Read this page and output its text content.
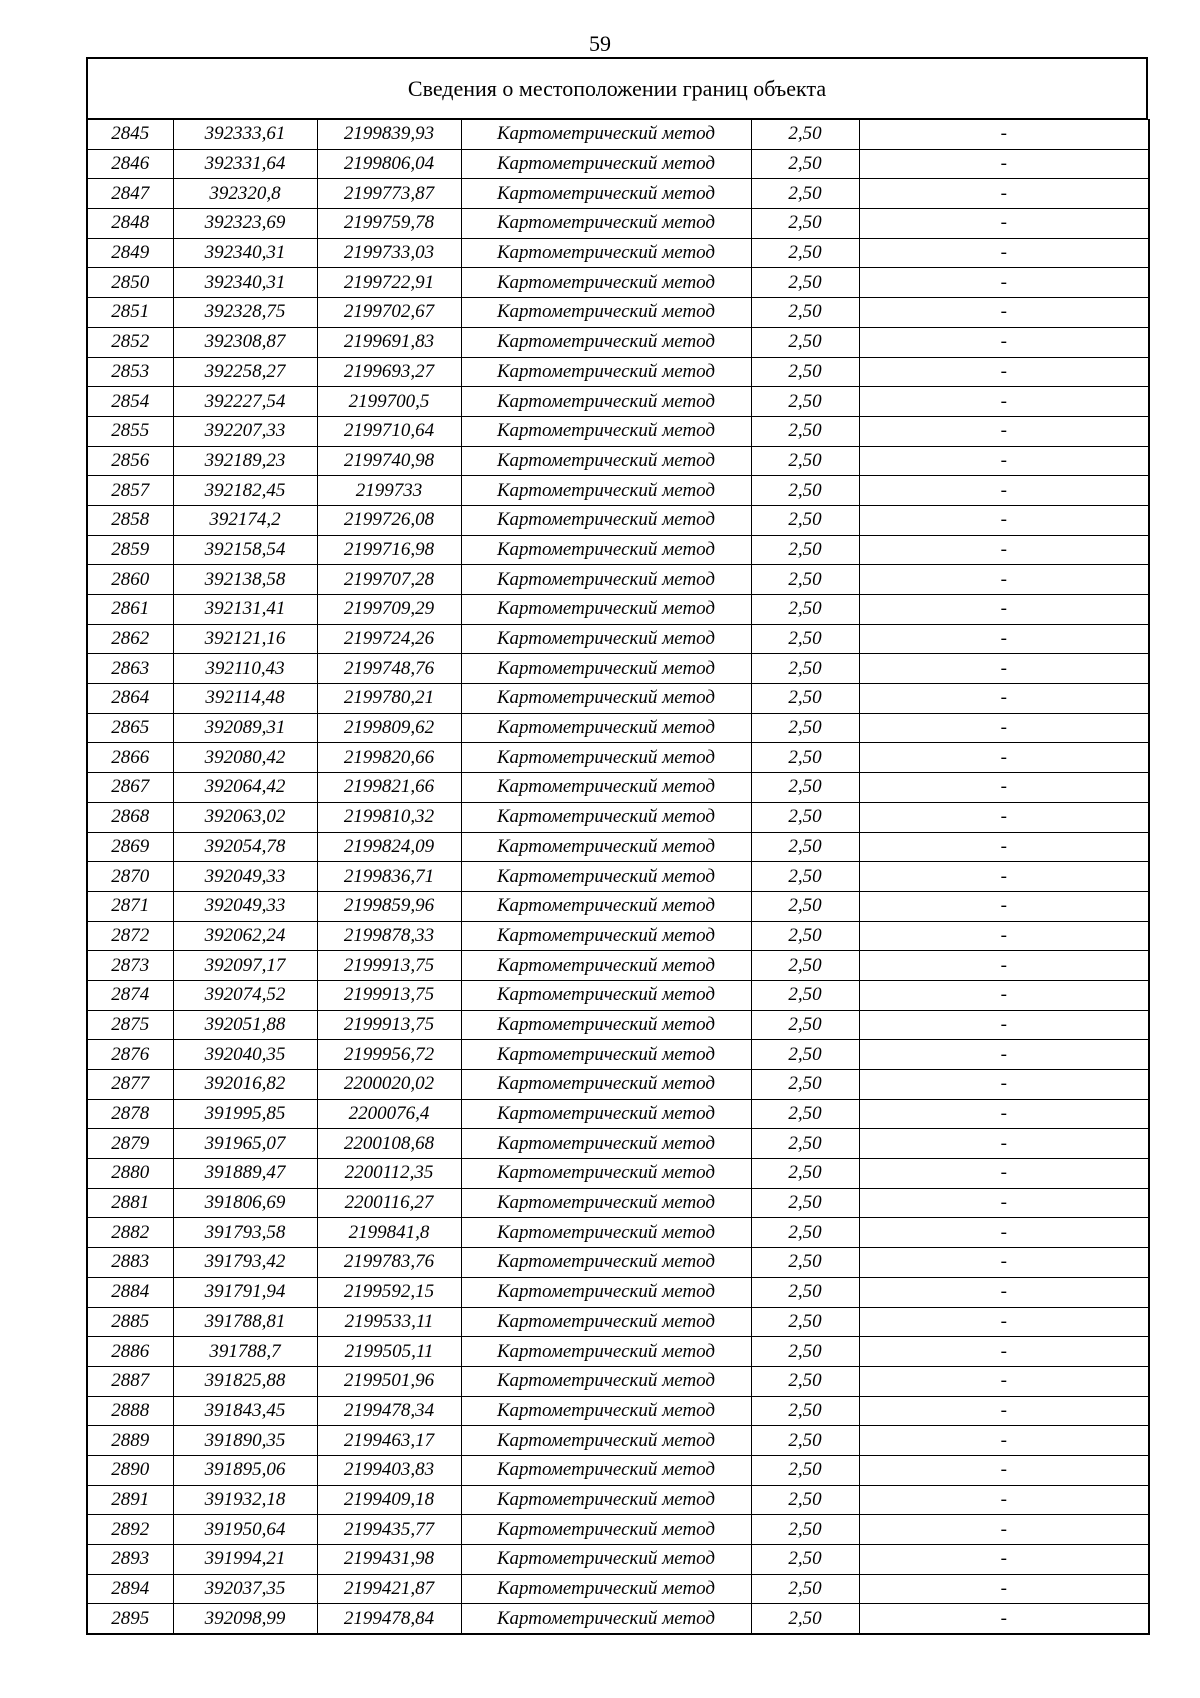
59
Сведения о местоположении границ объекта
2845	392333,61	2199839,93	Картометрический метод	2,50	-
2846	392331,64	2199806,04	Картометрический метод	2,50	-
2847	392320,8	2199773,87	Картометрический метод	2,50	-
2848	392323,69	2199759,78	Картометрический метод	2,50	-
2849	392340,31	2199733,03	Картометрический метод	2,50	-
2850	392340,31	2199722,91	Картометрический метод	2,50	-
2851	392328,75	2199702,67	Картометрический метод	2,50	-
2852	392308,87	2199691,83	Картометрический метод	2,50	-
2853	392258,27	2199693,27	Картометрический метод	2,50	-
2854	392227,54	2199700,5	Картометрический метод	2,50	-
2855	392207,33	2199710,64	Картометрический метод	2,50	-
2856	392189,23	2199740,98	Картометрический метод	2,50	-
2857	392182,45	2199733	Картометрический метод	2,50	-
2858	392174,2	2199726,08	Картометрический метод	2,50	-
2859	392158,54	2199716,98	Картометрический метод	2,50	-
2860	392138,58	2199707,28	Картометрический метод	2,50	-
2861	392131,41	2199709,29	Картометрический метод	2,50	-
2862	392121,16	2199724,26	Картометрический метод	2,50	-
2863	392110,43	2199748,76	Картометрический метод	2,50	-
2864	392114,48	2199780,21	Картометрический метод	2,50	-
2865	392089,31	2199809,62	Картометрический метод	2,50	-
2866	392080,42	2199820,66	Картометрический метод	2,50	-
2867	392064,42	2199821,66	Картометрический метод	2,50	-
2868	392063,02	2199810,32	Картометрический метод	2,50	-
2869	392054,78	2199824,09	Картометрический метод	2,50	-
2870	392049,33	2199836,71	Картометрический метод	2,50	-
2871	392049,33	2199859,96	Картометрический метод	2,50	-
2872	392062,24	2199878,33	Картометрический метод	2,50	-
2873	392097,17	2199913,75	Картометрический метод	2,50	-
2874	392074,52	2199913,75	Картометрический метод	2,50	-
2875	392051,88	2199913,75	Картометрический метод	2,50	-
2876	392040,35	2199956,72	Картометрический метод	2,50	-
2877	392016,82	2200020,02	Картометрический метод	2,50	-
2878	391995,85	2200076,4	Картометрический метод	2,50	-
2879	391965,07	2200108,68	Картометрический метод	2,50	-
2880	391889,47	2200112,35	Картометрический метод	2,50	-
2881	391806,69	2200116,27	Картометрический метод	2,50	-
2882	391793,58	2199841,8	Картометрический метод	2,50	-
2883	391793,42	2199783,76	Картометрический метод	2,50	-
2884	391791,94	2199592,15	Картометрический метод	2,50	-
2885	391788,81	2199533,11	Картометрический метод	2,50	-
2886	391788,7	2199505,11	Картометрический метод	2,50	-
2887	391825,88	2199501,96	Картометрический метод	2,50	-
2888	391843,45	2199478,34	Картометрический метод	2,50	-
2889	391890,35	2199463,17	Картометрический метод	2,50	-
2890	391895,06	2199403,83	Картометрический метод	2,50	-
2891	391932,18	2199409,18	Картометрический метод	2,50	-
2892	391950,64	2199435,77	Картометрический метод	2,50	-
2893	391994,21	2199431,98	Картометрический метод	2,50	-
2894	392037,35	2199421,87	Картометрический метод	2,50	-
2895	392098,99	2199478,84	Картометрический метод	2,50	-
